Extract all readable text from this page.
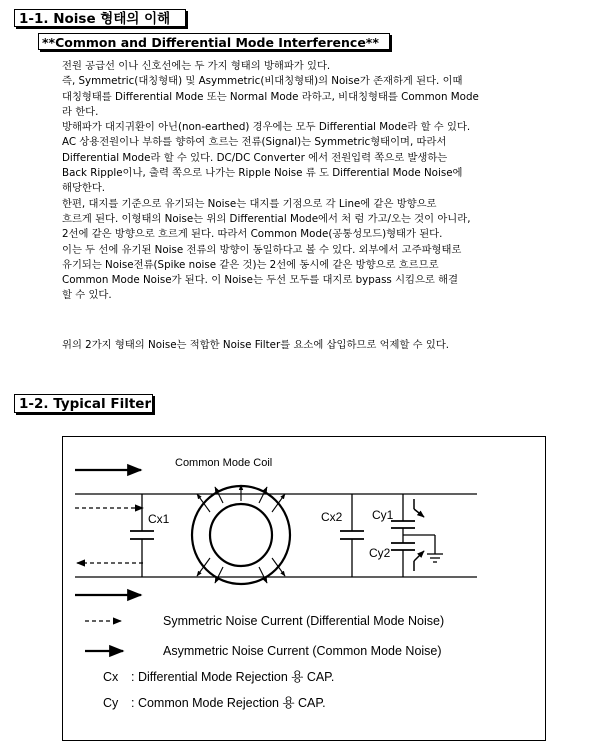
1-1. Noise 형태의 이해
**Common and Differential Mode Interference**
전원 공급선 이나 신호선에는 두 가지 형태의 방해파가 있다.
즉, Symmetric(대칭형태) 및 Asymmetric(비대칭형태)의 Noise가 존재하게 된다. 이때
대칭형태를 Differential Mode 또는 Normal Mode 라하고, 비대칭형태를 Common Mode
라 한다.
방해파가 대지귀환이 아닌(non-earthed) 경우에는 모두 Differential Mode라 할 수 있다.
AC 상용전원이나 부하를 향하여 흐르는 전류(Signal)는 Symmetric형태이며, 따라서
Differential Mode라 할 수 있다. DC/DC Converter 에서 전원입력 쪽으로 발생하는
Back Ripple이나, 출력 쪽으로 나가는 Ripple Noise 류 도 Differential Mode Noise에
해당한다.
한편, 대지를 기준으로 유기되는 Noise는 대지를 기점으로 각 Line에 같은 방향으로
흐르게 된다. 이형태의 Noise는 위의 Differential Mode에서 처 럼 가고/오는 것이 아니라,
2선에 같은 방향으로 흐르게 된다. 따라서 Common Mode(공통성모드)형태가 된다.
이는 두 선에 유기된 Noise 전류의 방향이 동일하다고 볼 수 있다. 외부에서 고주파형태로
유기되는 Noise전류(Spike noise 같은 것)는 2선에 동시에 같은 방향으로 흐르므로
Common Mode Noise가 된다. 이 Noise는 두선 모두를 대지로 bypass 시킴으로 해결
할 수 있다.
위의 2가지 형태의 Noise는 적합한 Noise Filter를 요소에 삽입하므로 억제할 수 있다.
1-2. Typical Filter
Common Mode Coil
Cx1	Cx2 Cy1
Cy2
Symmetric Noise Current (Differential Mode Noise)
Asymmetric Noise Current (Common Mode Noise)
Cx : Differential Mode Rejection 용 CAP.
Cy : Common Mode Rejection 용 CAP.
